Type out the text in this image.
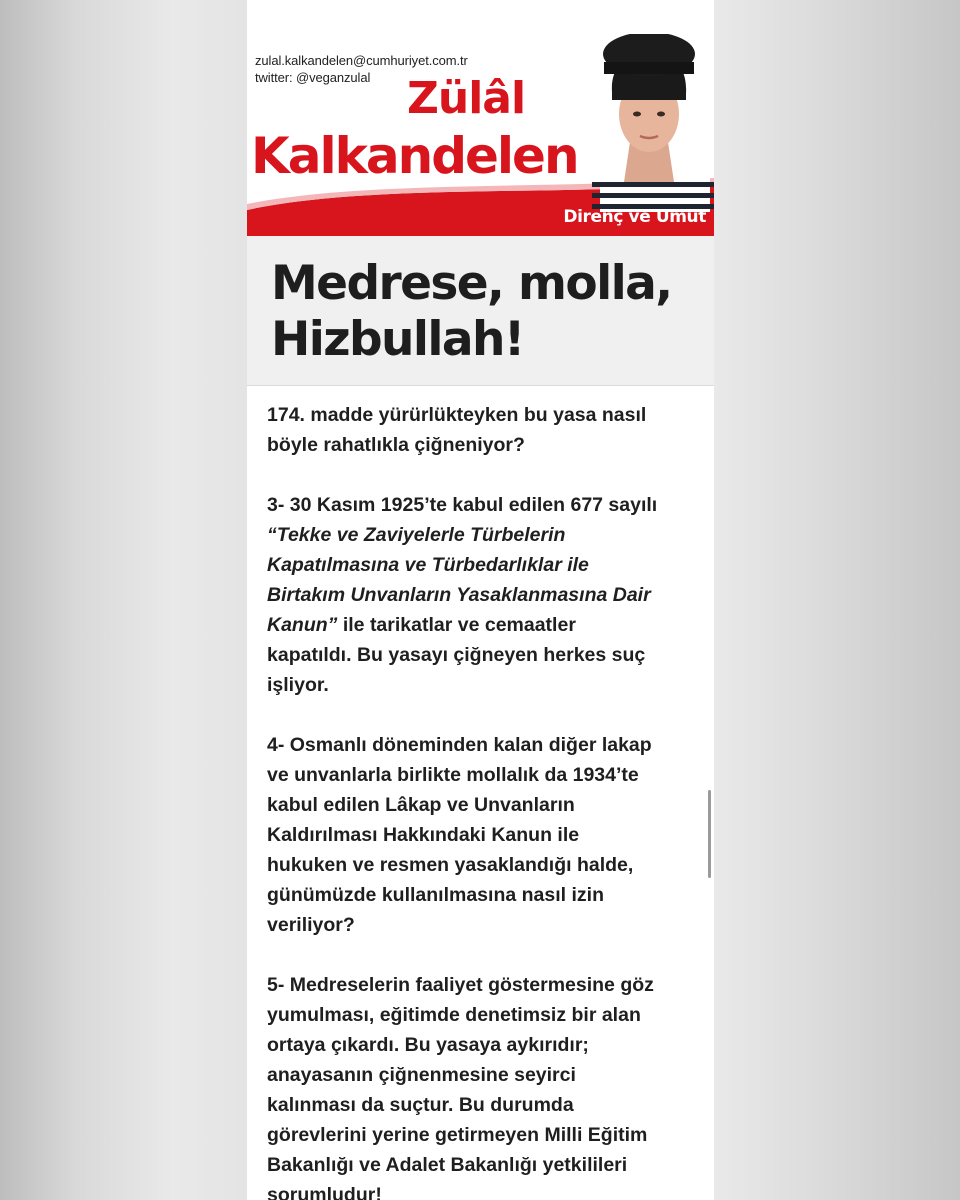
zulal.kalkandelen@cumhuriyet.com.tr
twitter: @veganzulal Zülâl
Kalkandelen
Direnç ve Umut
Medrese, molla,
Hizbullah!

174. madde yürürlükteyken bu yasa nasıl
böyle rahatlıkla çiğneniyor?

3- 30 Kasım 1925’te kabul edilen 677 sayılı
“Tekke ve Zaviyelerle Türbelerin
Kapatılmasına ve Türbedarlıklar ile
Birtakım Unvanların Yasaklanmasına Dair
Kanun” ile tarikatlar ve cemaatler
kapatıldı. Bu yasayı çiğneyen herkes suç
işliyor.

4- Osmanlı döneminden kalan diğer lakap
ve unvanlarla birlikte mollalık da 1934’te
kabul edilen Lâkap ve Unvanların
Kaldırılması Hakkındaki Kanun ile
hukuken ve resmen yasaklandığı halde,
günümüzde kullanılmasına nasıl izin
veriliyor?

5- Medreselerin faaliyet göstermesine göz
yumulması, eğitimde denetimsiz bir alan
ortaya çıkardı. Bu yasaya aykırıdır;
anayasanın çiğnenmesine seyirci
kalınması da suçtur. Bu durumda
görevlerini yerine getirmeyen Milli Eğitim
Bakanlığı ve Adalet Bakanlığı yetkilileri
sorumludur!
